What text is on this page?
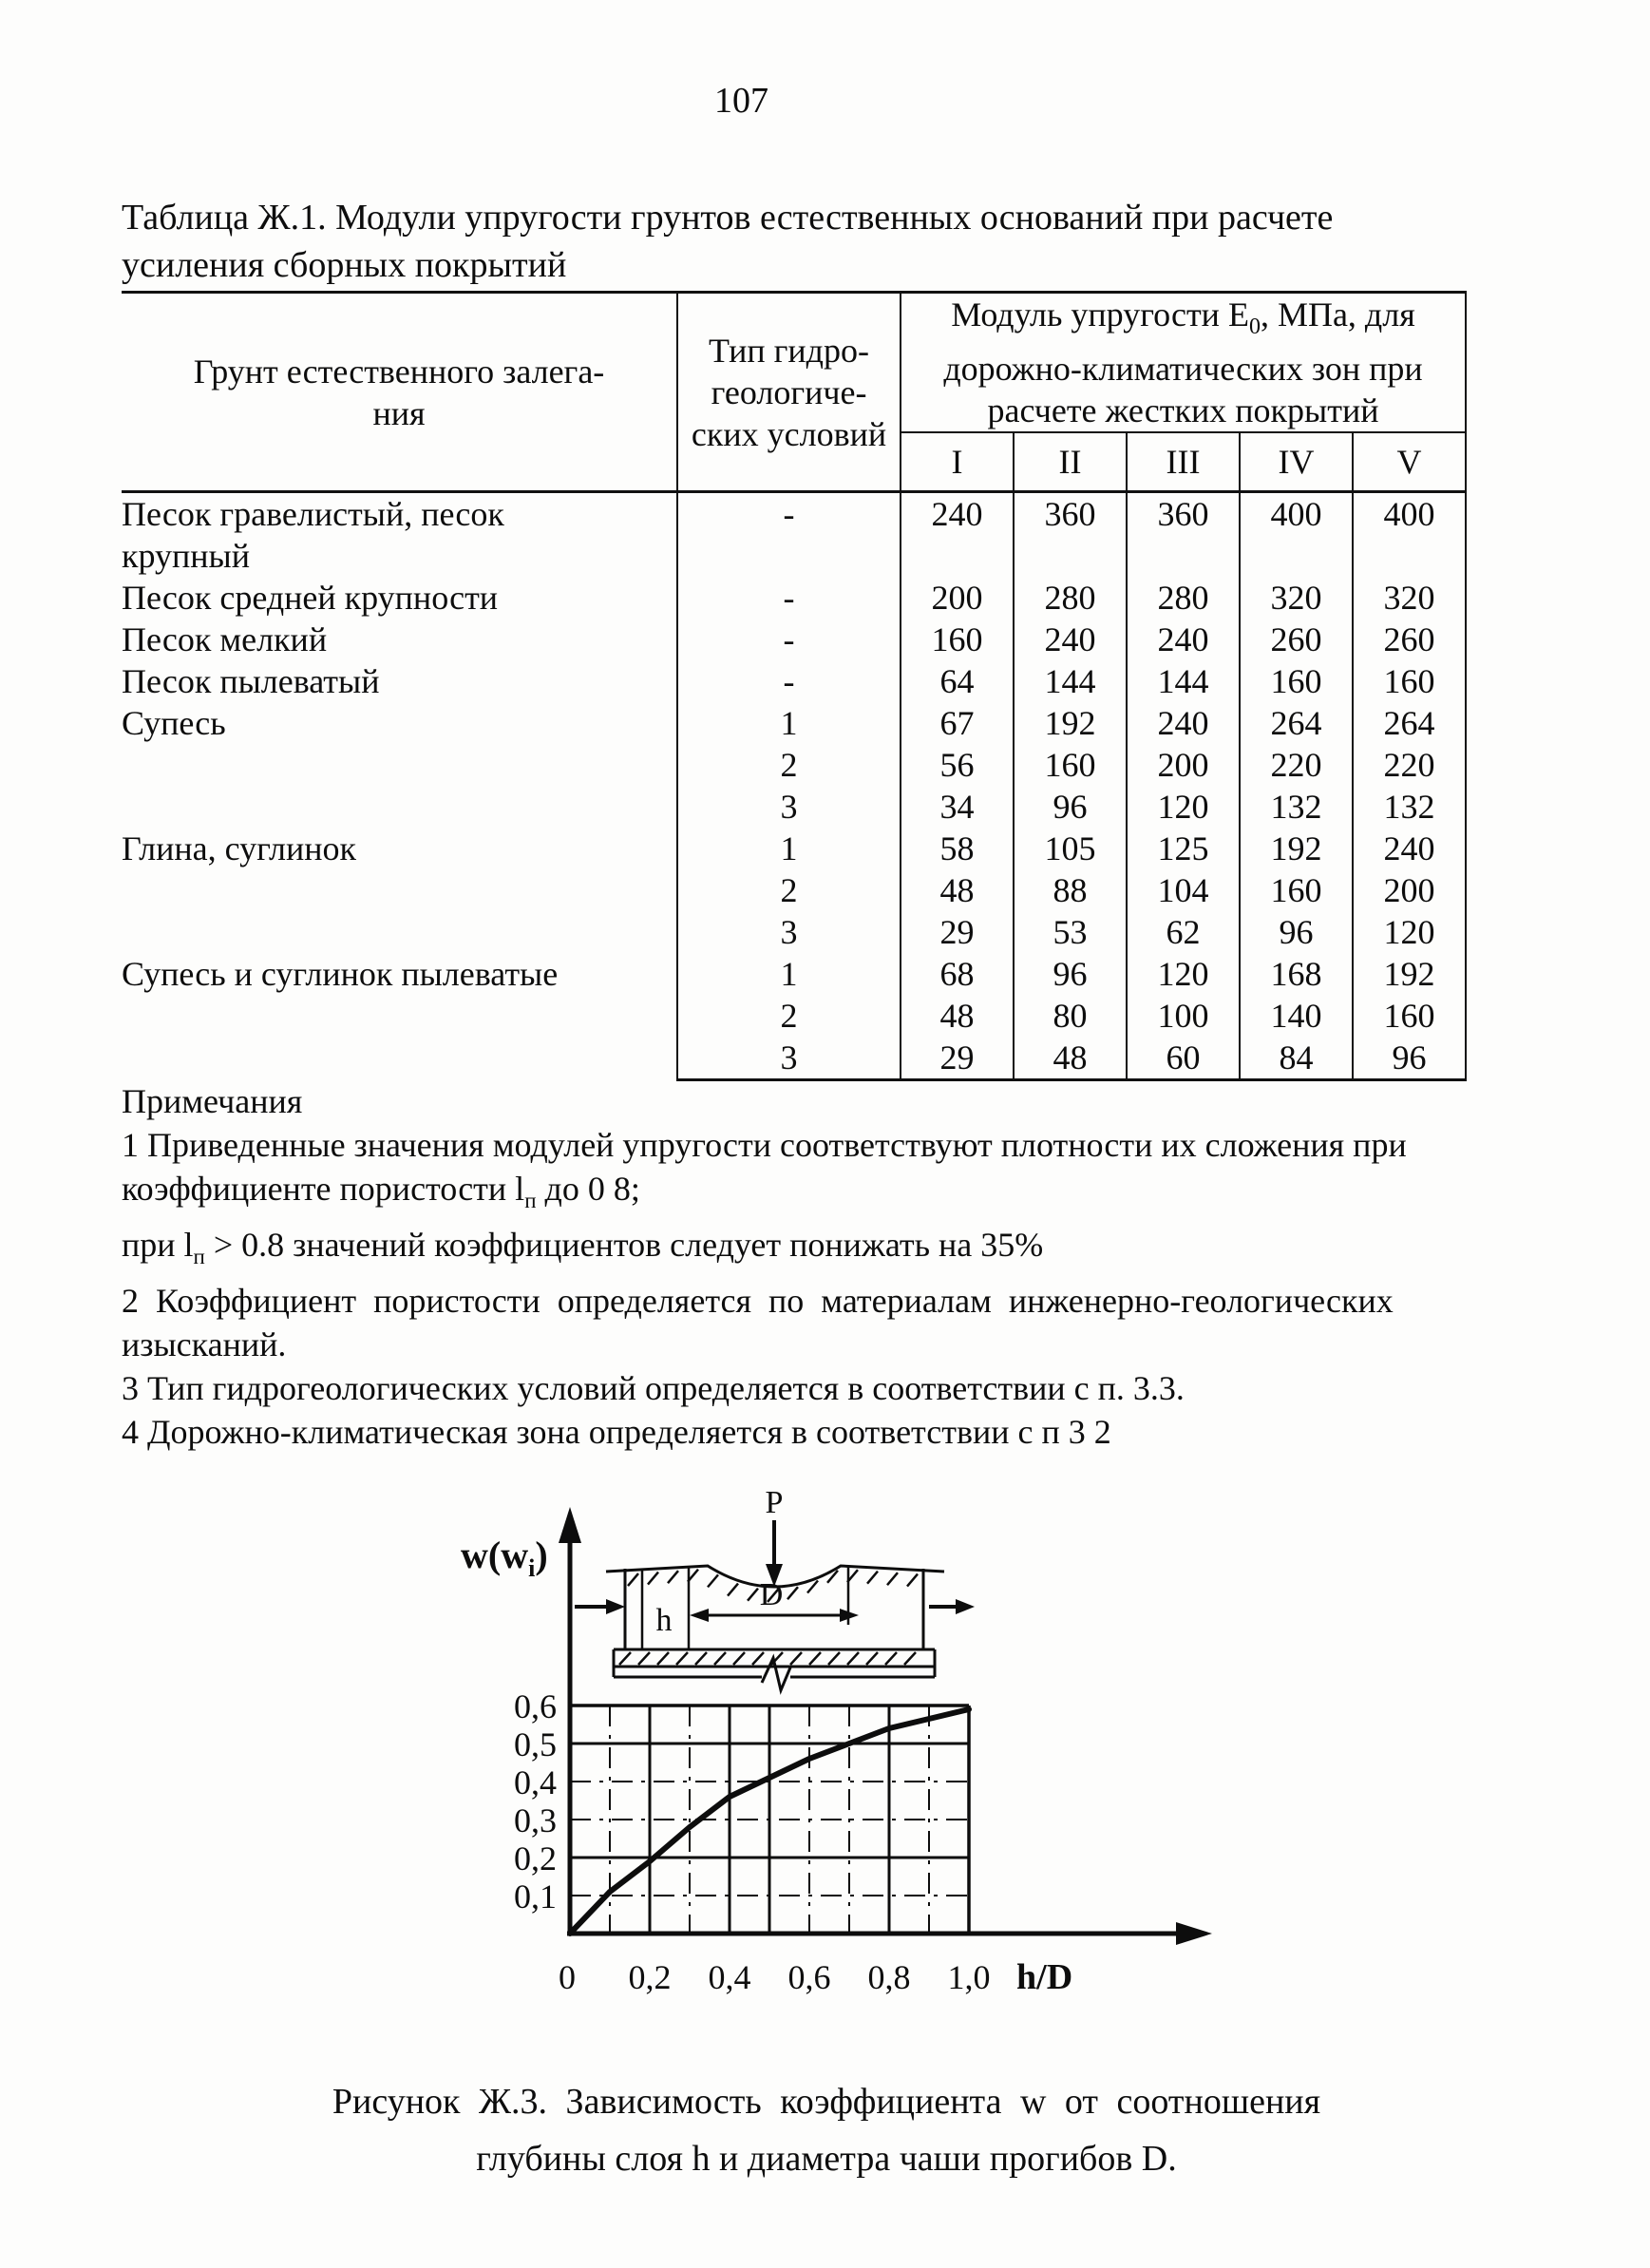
107
Таблица Ж.1. Модули упругости грунтов естественных оснований при расчете
усиления сборных покрытий
Грунт естественного залега-
ния

Тип гидро-
геологиче-
ских условий

Модуль упругости $Е_0$, МПа, для
дорожно-климатических зон при
расчете жестких покрытий

		I	II	III	IV	V

Песок гравелистый, песок
крупный	-	240	360	360	400	400
Песок средней крупности	-	200	280	280	320	320
Песок мелкий	-	160	240	240	260	260
Песок пылеватый	-	64	144	144	160	160
Супесь	1	67	192	240	264	264
	2	56	160	200	220	220
	3	34	96	120	132	132
Глина, суглинок	1	58	105	125	192	240
	2	48	88	104	160	200
	3	29	53	62	96	120
Супесь и суглинок пылеватые	1	68	96	120	168	192
	2	48	80	100	140	160
	3	29	48	60	84	96
Примечания
1 Приведенные значения модулей упругости соответствуют плотности их сложения при
коэффициенте пористости $l_п$ до 0 8;
при $l_п > 0.8$ значений коэффициентов следует понижать на 35%
2 Коэффициент пористости определяется по материалам инженерно-геологических
изысканий.
3 Тип гидрогеологических условий определяется в соответствии с п. 3.3.
4 Дорожно-климатическая зона определяется в соответствии с п 3 2
$w(w_i)$
0,6
0,5
0,4
0,3
0,2
0,1
0 0,2 0,4 0,6 0,8 1,0 h/D
P
h
D
Рисунок Ж.3. Зависимость коэффициента w от соотношения
глубины слоя h и диаметра чаши прогибов D.
